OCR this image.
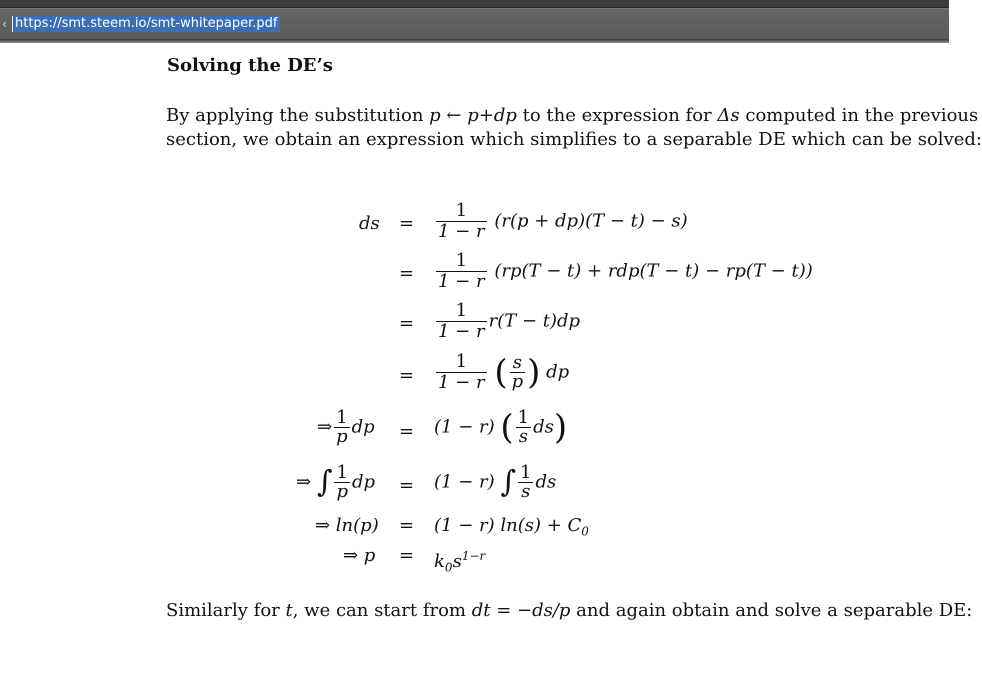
‹ https://smt.steem.io/smt-whitepaper.pdf
Solving the DE’s
By applying the substitution p ← p+dp to the expression for Δs computed in the previous
section, we obtain an expression which simplifies to a separable DE which can be solved:
ds = $\frac{1}{1 - r} (r(p + dp)(T - t) - s)$
= $\frac{1}{1 - r} (rp(T - t) + rdp(T - t) - rp(T - t))$
= $\frac{1}{1 - r} r(T - t)dp$
= $\frac{1}{1 - r}$ ( $\frac{s}{p}$ ) dp
⇒ $\frac{1}{p}$ dp = (1 − r) ( $\frac{1}{s} ds$)
⇒ ∫ $\frac{1}{p}$ dp = (1 − r) ∫ $\frac{1}{s}$ ds
⇒ ln(p) = (1 − r) $\ln(s) + C_0$
⇒ $p = k_0s^{1-r}$
Similarly for t, we can start from dt = −ds/p and again obtain and solve a separable DE:
